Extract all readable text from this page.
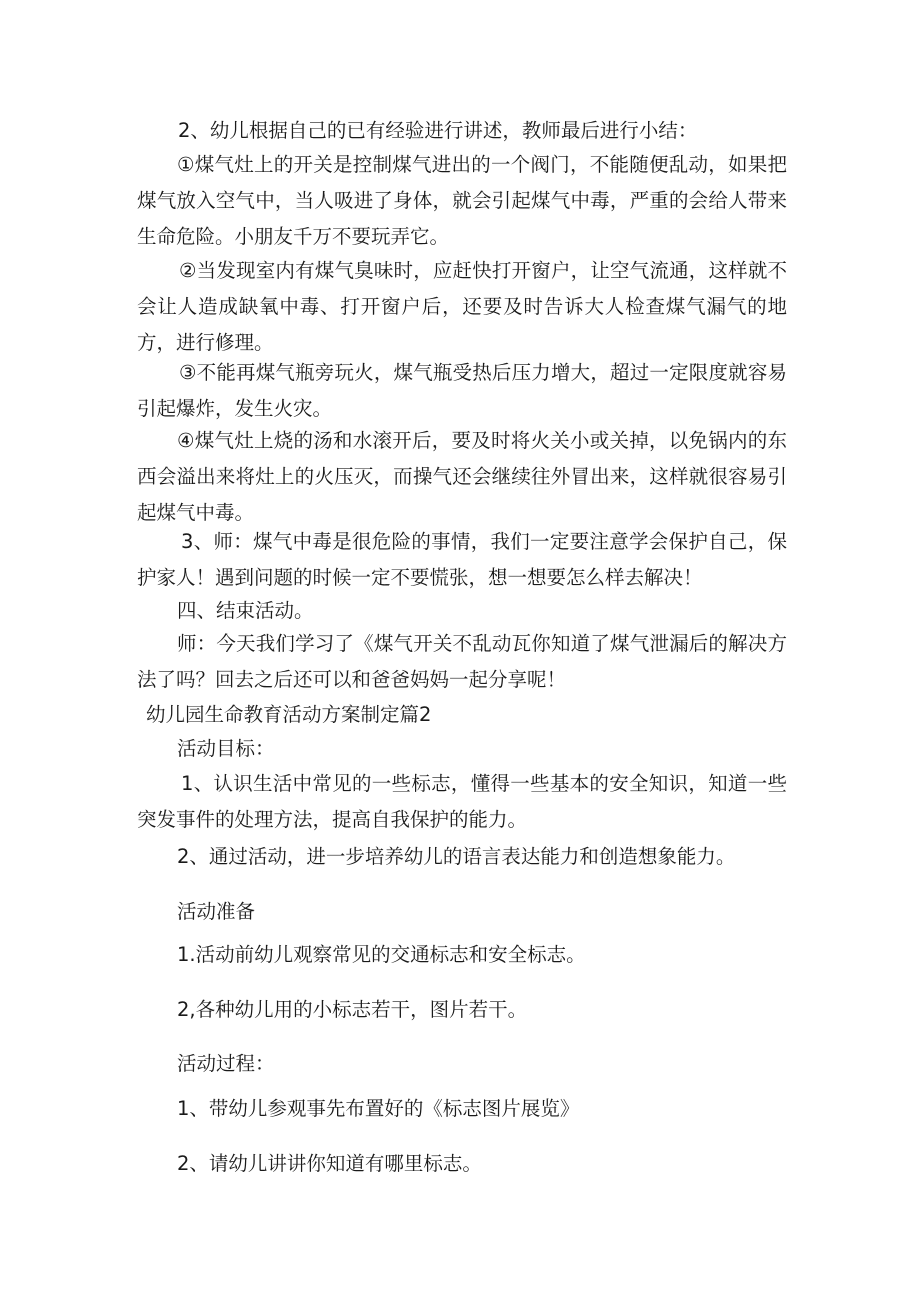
2、幼儿根据自己的已有经验进行讲述，教师最后进行小结：

①煤气灶上的开关是控制煤气进出的一个阀门，不能随便乱动，如果把煤气放入空气中，当人吸进了身体，就会引起煤气中毒，严重的会给人带来生命危险。小朋友千万不要玩弄它。

②当发现室内有煤气臭味时，应赶快打开窗户，让空气流通，这样就不会让人造成缺氧中毒、打开窗户后，还要及时告诉大人检查煤气漏气的地方，进行修理。

③不能再煤气瓶旁玩火，煤气瓶受热后压力增大，超过一定限度就容易引起爆炸，发生火灾。

④煤气灶上烧的汤和水滚开后，要及时将火关小或关掉，以免锅内的东西会溢出来将灶上的火压灭，而操气还会继续往外冒出来，这样就很容易引起煤气中毒。

3、师：煤气中毒是很危险的事情，我们一定要注意学会保护自己，保护家人！遇到问题的时候一定不要慌张，想一想要怎么样去解决！

四、结束活动。

师：今天我们学习了《煤气开关不乱动瓦你知道了煤气泄漏后的解决方法了吗？回去之后还可以和爸爸妈妈一起分享呢！

幼儿园生命教育活动方案制定篇2

活动目标：

1、认识生活中常见的一些标志，懂得一些基本的安全知识，知道一些突发事件的处理方法，提高自我保护的能力。

2、通过活动，进一步培养幼儿的语言表达能力和创造想象能力。

活动准备

1.活动前幼儿观察常见的交通标志和安全标志。

2,各种幼儿用的小标志若干，图片若干。

活动过程：

1、带幼儿参观事先布置好的《标志图片展览》

2、请幼儿讲讲你知道有哪里标志。
